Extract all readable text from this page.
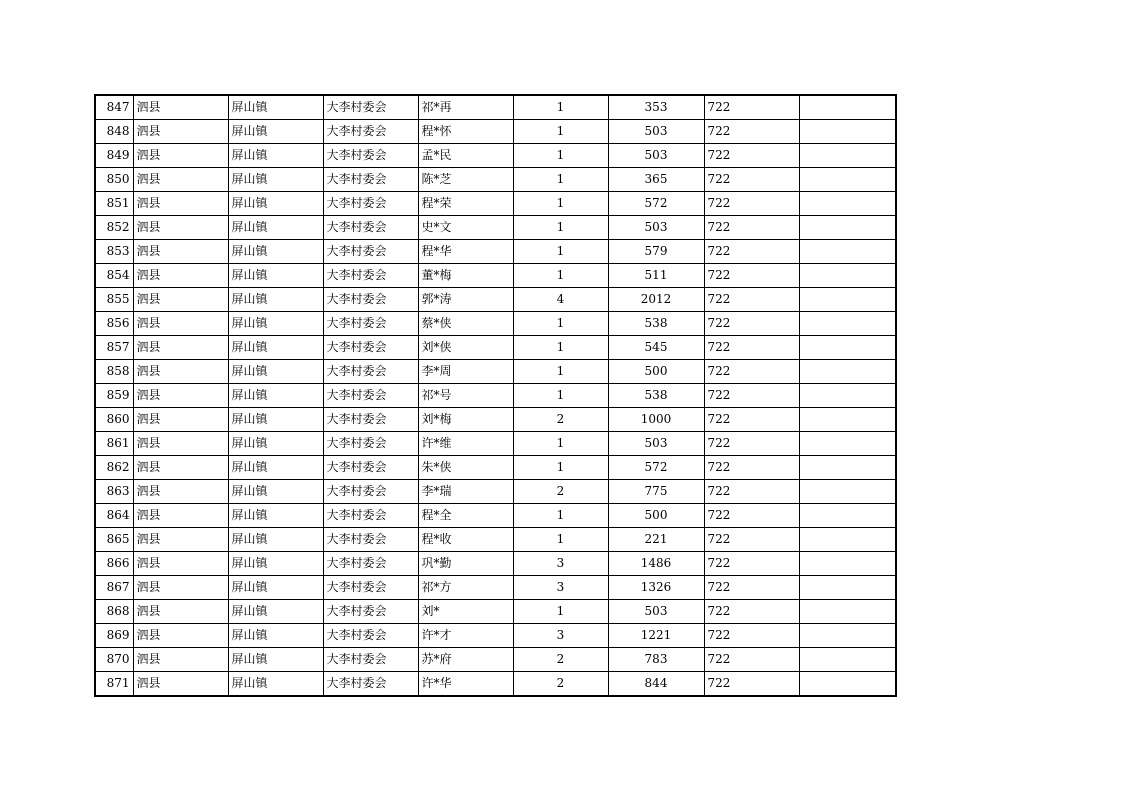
847	泗县	屏山镇	大李村委会	祁*再	1	353	722	
848	泗县	屏山镇	大李村委会	程*怀	1	503	722	
849	泗县	屏山镇	大李村委会	孟*民	1	503	722	
850	泗县	屏山镇	大李村委会	陈*芝	1	365	722	
851	泗县	屏山镇	大李村委会	程*荣	1	572	722	
852	泗县	屏山镇	大李村委会	史*文	1	503	722	
853	泗县	屏山镇	大李村委会	程*华	1	579	722	
854	泗县	屏山镇	大李村委会	董*梅	1	511	722	
855	泗县	屏山镇	大李村委会	郭*涛	4	2012	722	
856	泗县	屏山镇	大李村委会	蔡*侠	1	538	722	
857	泗县	屏山镇	大李村委会	刘*侠	1	545	722	
858	泗县	屏山镇	大李村委会	李*周	1	500	722	
859	泗县	屏山镇	大李村委会	祁*号	1	538	722	
860	泗县	屏山镇	大李村委会	刘*梅	2	1000	722	
861	泗县	屏山镇	大李村委会	许*维	1	503	722	
862	泗县	屏山镇	大李村委会	朱*侠	1	572	722	
863	泗县	屏山镇	大李村委会	李*瑞	2	775	722	
864	泗县	屏山镇	大李村委会	程*全	1	500	722	
865	泗县	屏山镇	大李村委会	程*收	1	221	722	
866	泗县	屏山镇	大李村委会	巩*勤	3	1486	722	
867	泗县	屏山镇	大李村委会	祁*方	3	1326	722	
868	泗县	屏山镇	大李村委会	刘*	1	503	722	
869	泗县	屏山镇	大李村委会	许*才	3	1221	722	
870	泗县	屏山镇	大李村委会	苏*府	2	783	722	
871	泗县	屏山镇	大李村委会	许*华	2	844	722	
